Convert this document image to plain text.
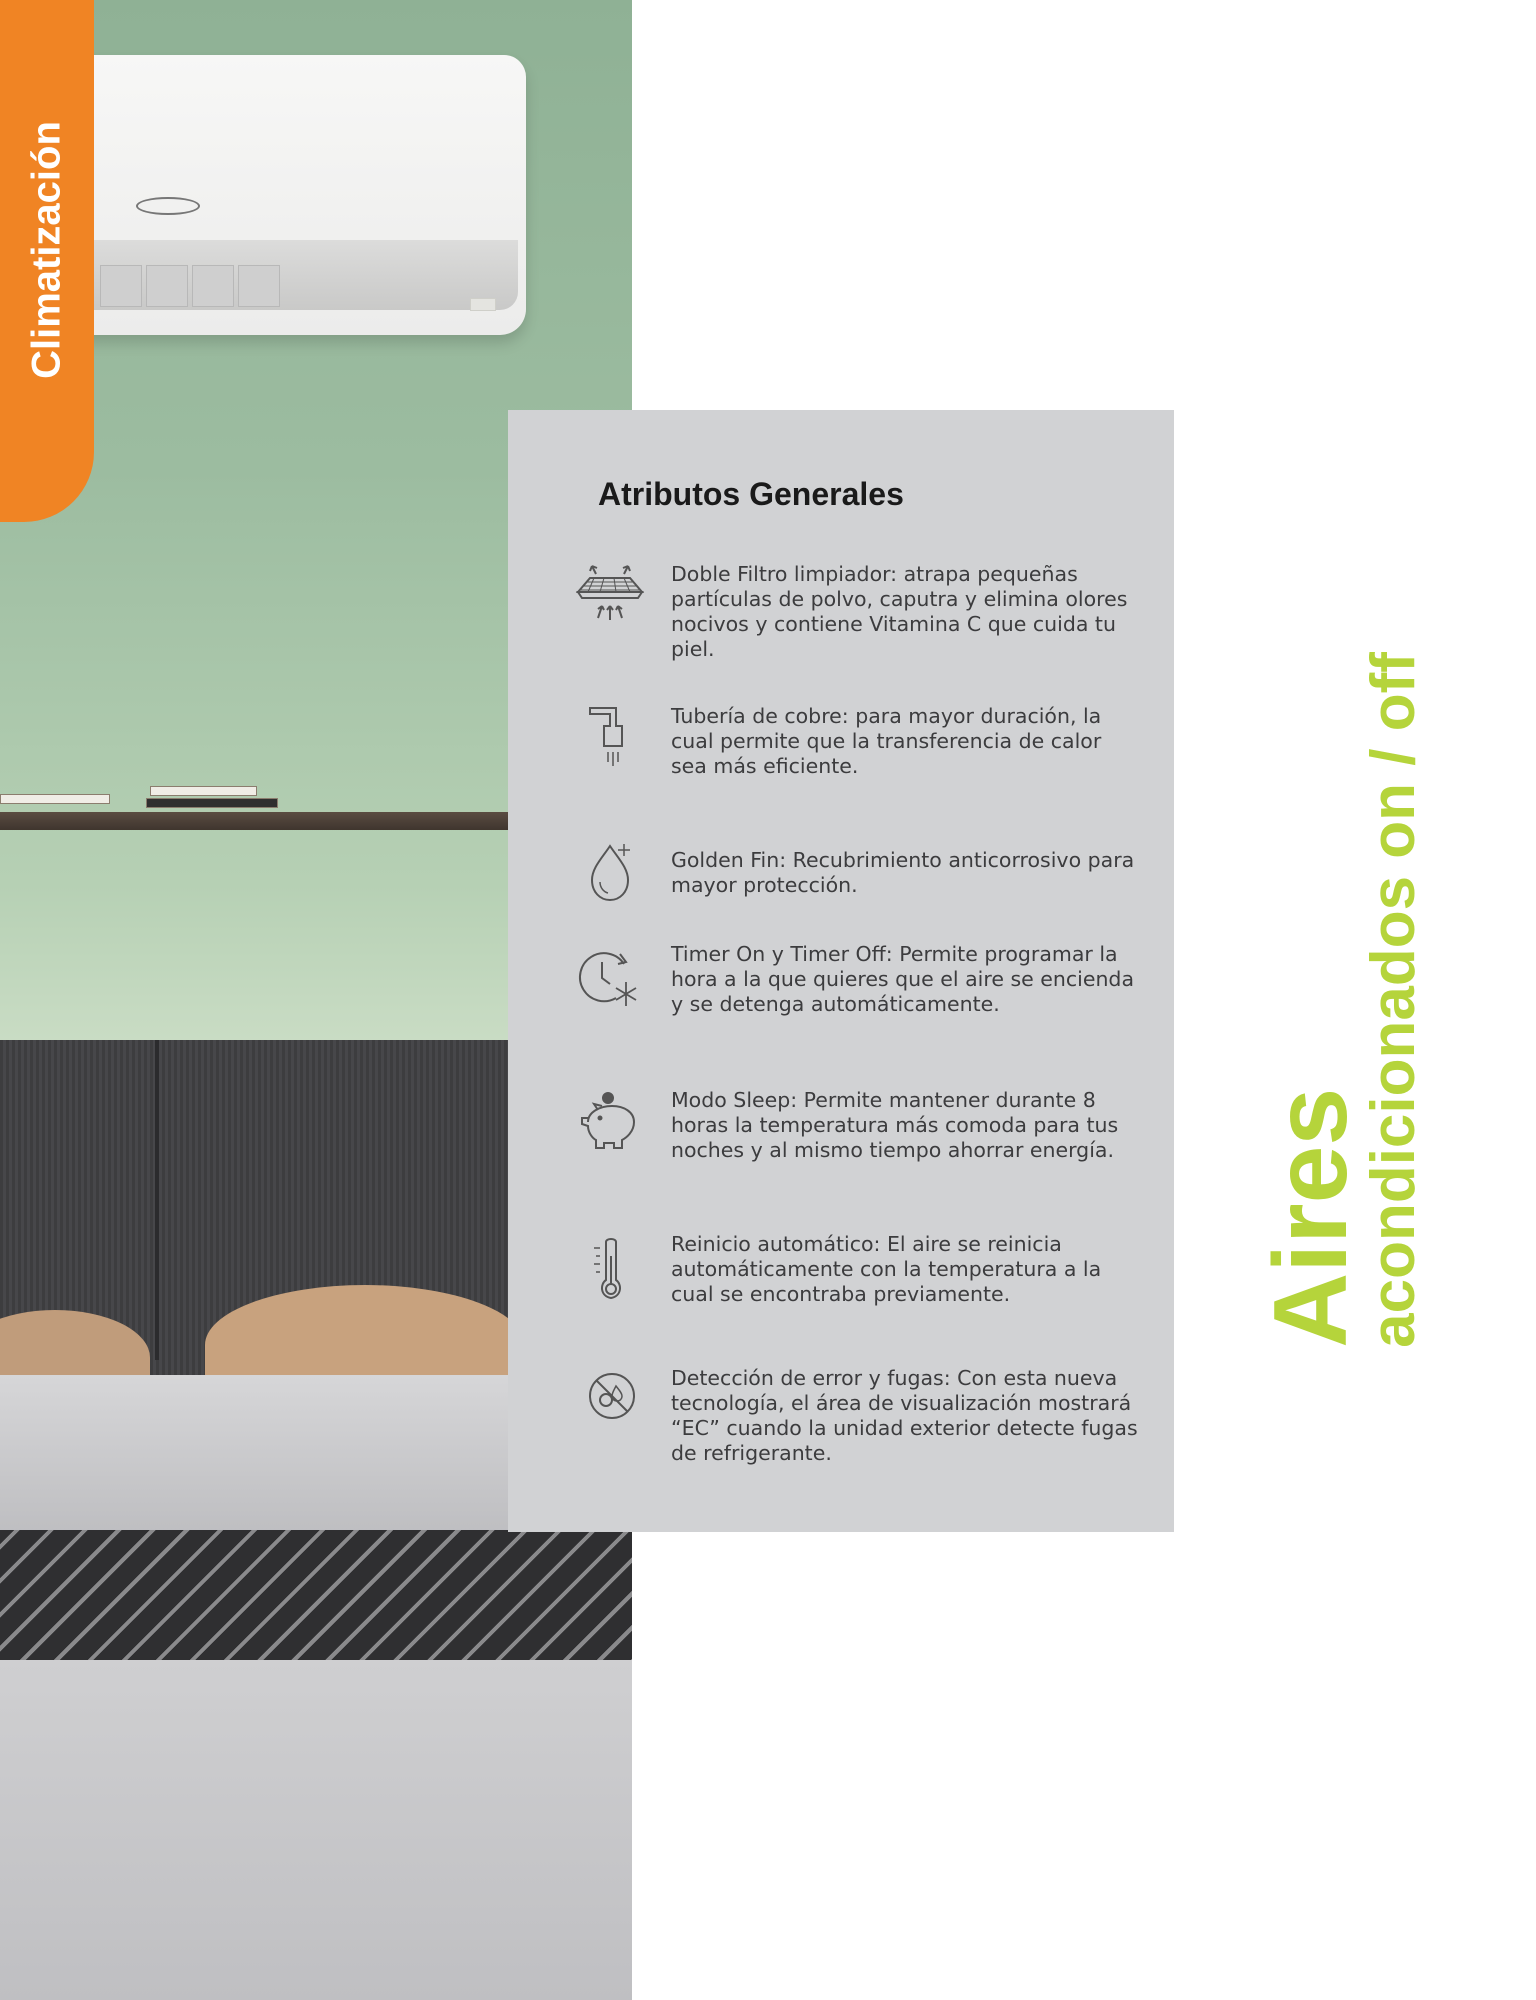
Climatización
Atributos Generales

Doble Filtro limpiador: atrapa pequeñas partículas de polvo, caputra y elimina olores nocivos y contiene Vitamina C que cuida tu piel.

Tubería de cobre: para mayor duración, la cual permite que la transferencia de calor sea más eficiente.

Golden Fin: Recubrimiento anticorrosivo para mayor protección.

Timer On y Timer Off: Permite programar la hora a la que quieres que el aire se encienda y se detenga automáticamente.

Modo Sleep: Permite mantener durante 8 horas la temperatura más comoda para tus noches y al mismo tiempo ahorrar energía.

Reinicio automático: El aire se reinicia automáticamente con la temperatura a la cual se encontraba previamente.

Detección de error y fugas: Con esta nueva tecnología, el área de visualización mostrará “EC” cuando la unidad exterior detecte fugas de refrigerante.

Aires
acondicionados on / off
